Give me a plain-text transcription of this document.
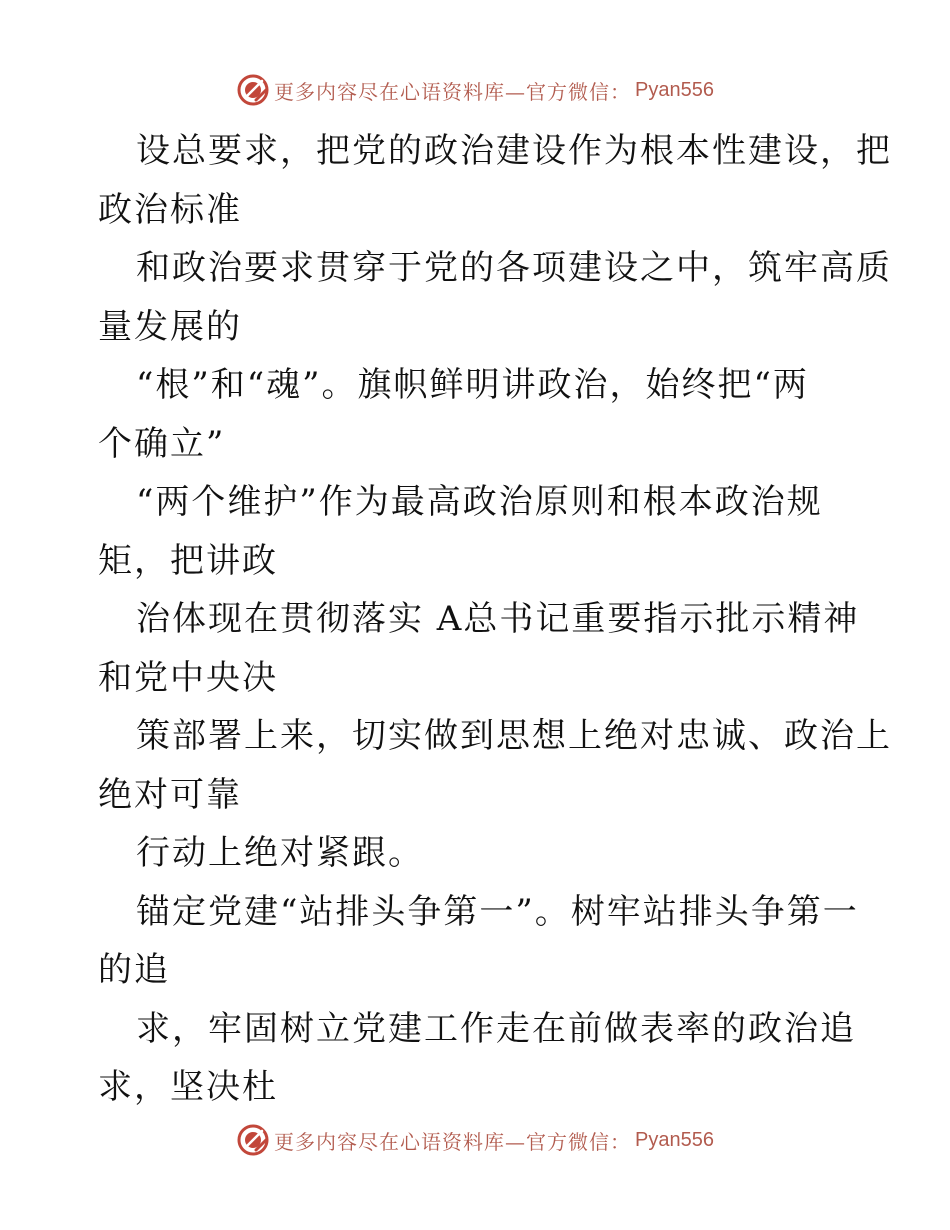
更多内容尽在心语资料库—官方微信： Pyan556
设总要求，把党的政治建设作为根本性建设，把
政治标准
和政治要求贯穿于党的各项建设之中，筑牢高质
量发展的
“根”和“魂”。旗帜鲜明讲政治，始终把“两
个确立”
“两个维护”作为最高政治原则和根本政治规
矩，把讲政
治体现在贯彻落实 A总书记重要指示批示精神
和党中央决
策部署上来，切实做到思想上绝对忠诚、政治上
绝对可靠
行动上绝对紧跟。
锚定党建“站排头争第一”。树牢站排头争第一
的追
求，牢固树立党建工作走在前做表率的政治追
求，坚决杜
更多内容尽在心语资料库—官方微信： Pyan556
